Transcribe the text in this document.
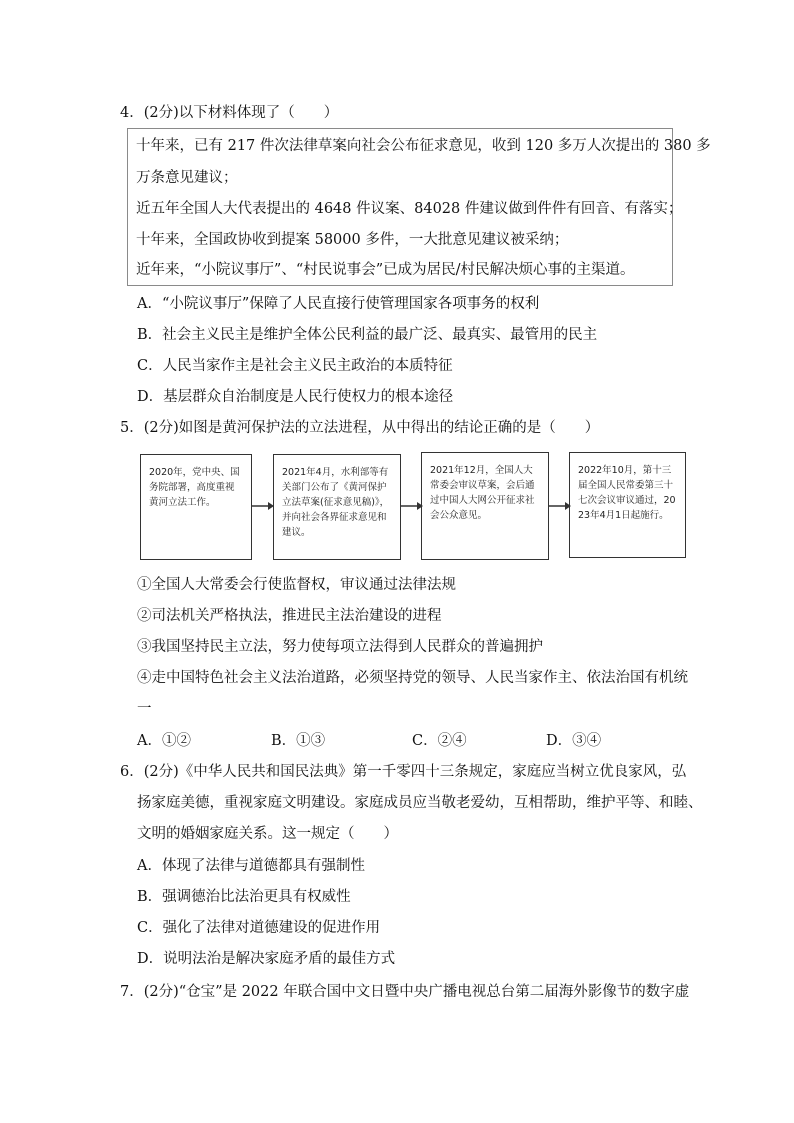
4．(2分)以下材料体现了（　　）
十年来，已有 217 件次法律草案向社会公布征求意见，收到 120 多万人次提出的 380 多
万条意见建议；
近五年全国人大代表提出的 4648 件议案、84028 件建议做到件件有回音、有落实；
十年来，全国政协收到提案 58000 多件，一大批意见建议被采纳；
近年来，“小院议事厅”、“村民说事会”已成为居民/村民解决烦心事的主渠道。
A．“小院议事厅”保障了人民直接行使管理国家各项事务的权利
B．社会主义民主是维护全体公民利益的最广泛、最真实、最管用的民主
C．人民当家作主是社会主义民主政治的本质特征
D．基层群众自治制度是人民行使权力的根本途径
5．(2分)如图是黄河保护法的立法进程，从中得出的结论正确的是（　　）
2020年，党中央、国务院部署，高度重视黄河立法工作。
2021年4月，水利部等有关部门公布了《黄河保护立法草案(征求意见稿)》，并向社会各界征求意见和建议。
2021年12月，全国人大常委会审议草案，会后通过中国人大网公开征求社会公众意见。
2022年10月，第十三届全国人民常委第三十七次会议审议通过，2023年4月1日起施行。
①全国人大常委会行使监督权，审议通过法律法规
②司法机关严格执法，推进民主法治建设的进程
③我国坚持民主立法，努力使每项立法得到人民群众的普遍拥护
④走中国特色社会主义法治道路，必须坚持党的领导、人民当家作主、依法治国有机统
一
A．①②	B．①③	C．②④	D．③④
6．(2分)《中华人民共和国民法典》第一千零四十三条规定，家庭应当树立优良家风，弘
扬家庭美德，重视家庭文明建设。家庭成员应当敬老爱幼，互相帮助，维护平等、和睦、
文明的婚姻家庭关系。这一规定（　　）
A．体现了法律与道德都具有强制性
B．强调德治比法治更具有权威性
C．强化了法律对道德建设的促进作用
D．说明法治是解决家庭矛盾的最佳方式
7．(2分)“仓宝”是 2022 年联合国中文日暨中央广播电视总台第二届海外影像节的数字虚
